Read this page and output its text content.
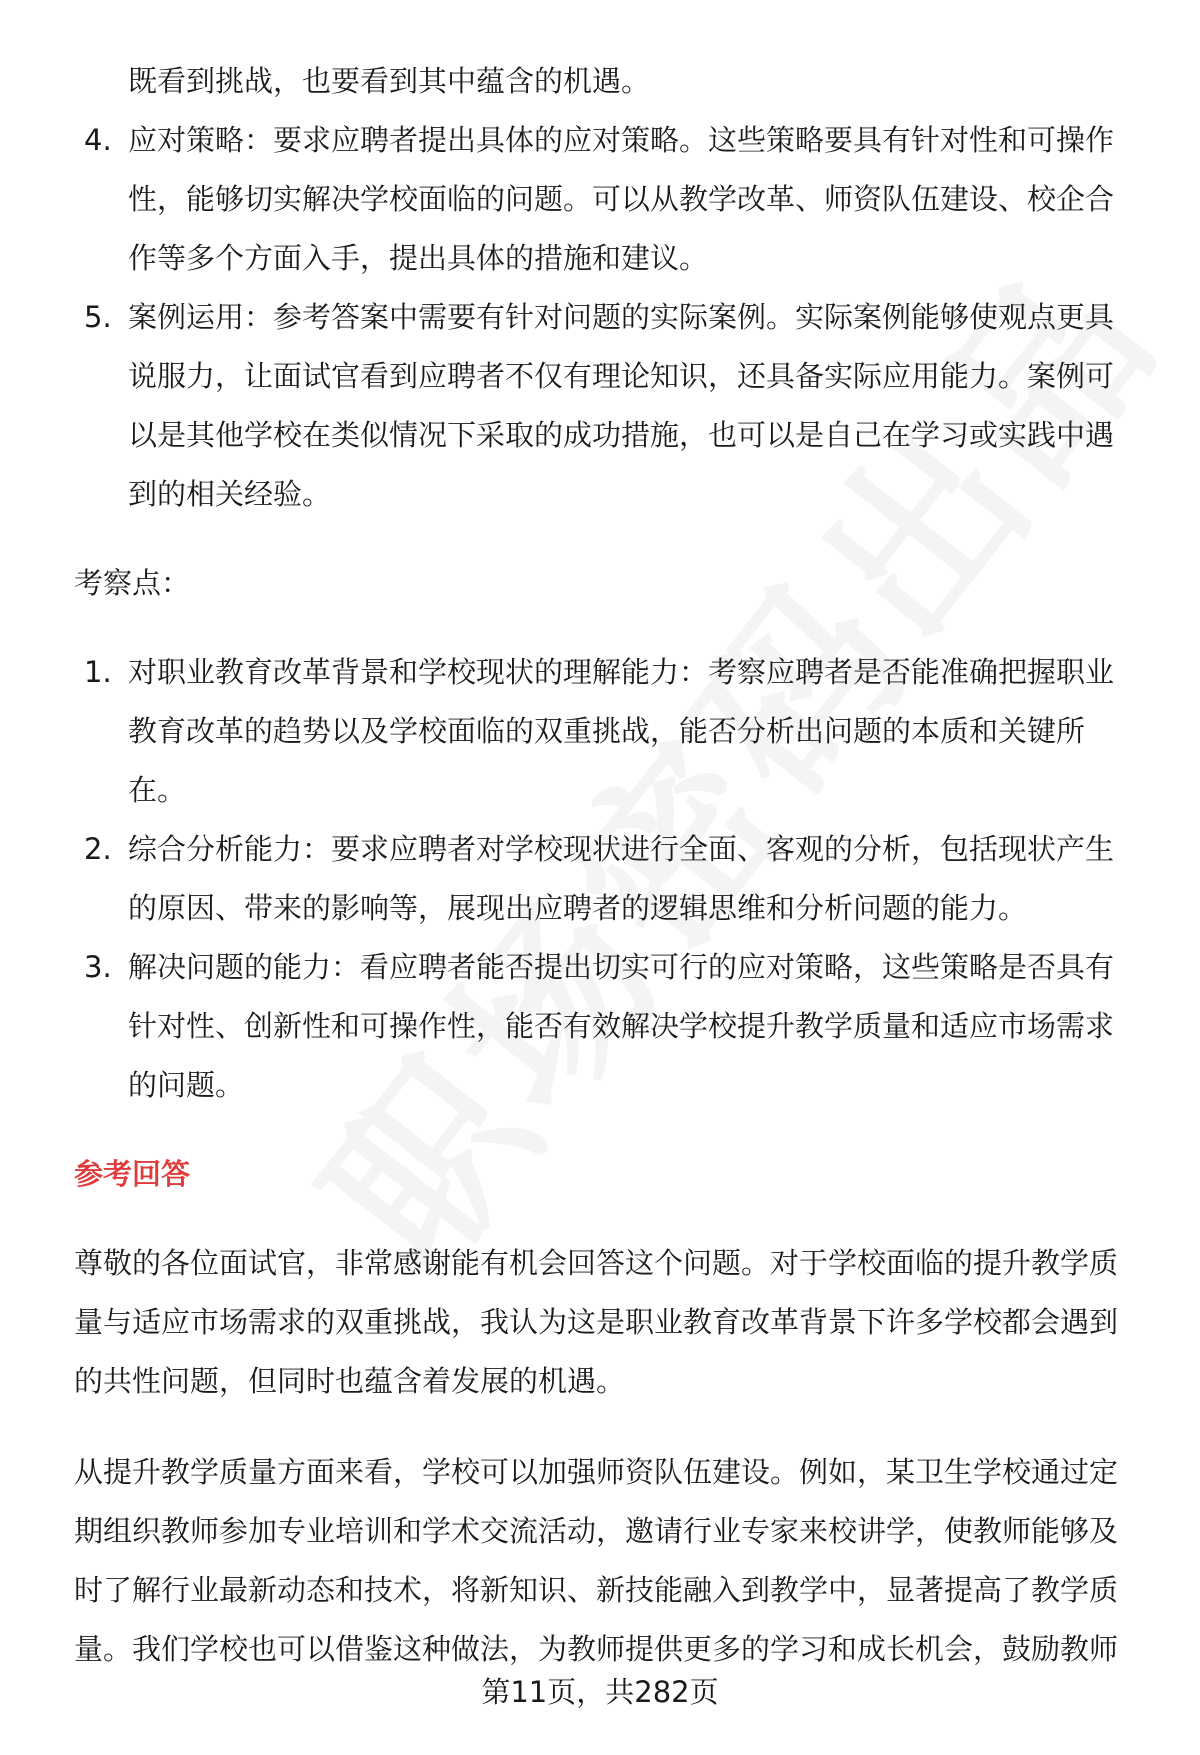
既看到挑战，也要看到其中蕴含的机遇。
4. 应对策略：要求应聘者提出具体的应对策略。这些策略要具有针对性和可操作
性，能够切实解决学校面临的问题。可以从教学改革、师资队伍建设、校企合
作等多个方面入手，提出具体的措施和建议。
5. 案例运用：参考答案中需要有针对问题的实际案例。实际案例能够使观点更具
说服力，让面试官看到应聘者不仅有理论知识，还具备实际应用能力。案例可
以是其他学校在类似情况下采取的成功措施，也可以是自己在学习或实践中遇
到的相关经验。
考察点：
1. 对职业教育改革背景和学校现状的理解能力：考察应聘者是否能准确把握职业
教育改革的趋势以及学校面临的双重挑战，能否分析出问题的本质和关键所
在。
2. 综合分析能力：要求应聘者对学校现状进行全面、客观的分析，包括现状产生
的原因、带来的影响等，展现出应聘者的逻辑思维和分析问题的能力。
3. 解决问题的能力：看应聘者能否提出切实可行的应对策略，这些策略是否具有
针对性、创新性和可操作性，能否有效解决学校提升教学质量和适应市场需求
的问题。
参考回答
尊敬的各位面试官，非常感谢能有机会回答这个问题。对于学校面临的提升教学质
量与适应市场需求的双重挑战，我认为这是职业教育改革背景下许多学校都会遇到
的共性问题，但同时也蕴含着发展的机遇。
从提升教学质量方面来看，学校可以加强师资队伍建设。例如，某卫生学校通过定
期组织教师参加专业培训和学术交流活动，邀请行业专家来校讲学，使教师能够及
时了解行业最新动态和技术，将新知识、新技能融入到教学中，显著提高了教学质
量。我们学校也可以借鉴这种做法，为教师提供更多的学习和成长机会，鼓励教师
第11页，共282页
